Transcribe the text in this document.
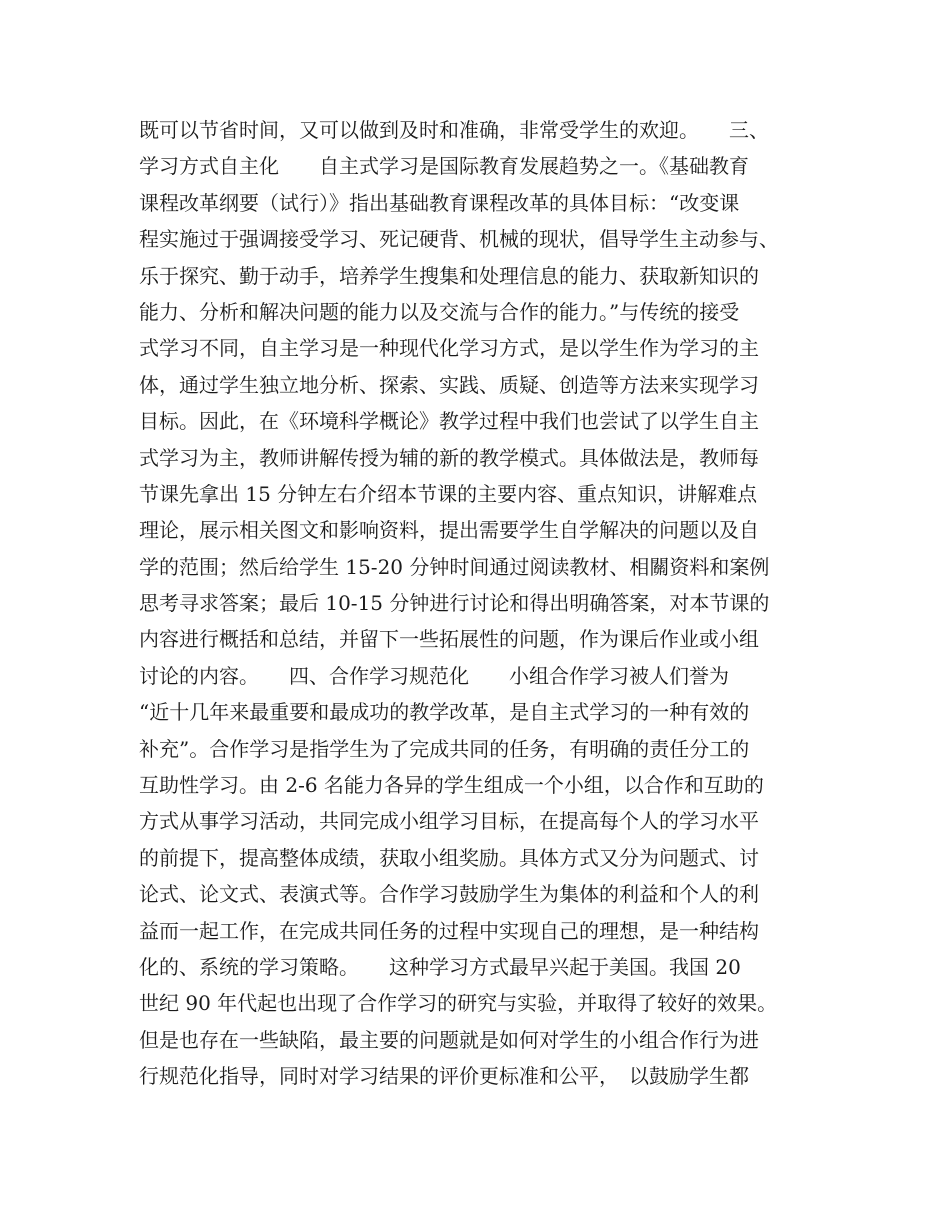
既可以节省时间，又可以做到及时和准确，非常受学生的欢迎。　　三、
学习方式自主化　　自主式学习是国际教育发展趋势之一。《基础教育
课程改革纲要（试行）》指出基础教育课程改革的具体目标：“改变课
程实施过于强调接受学习、死记硬背、机械的现状，倡导学生主动参与、
乐于探究、勤于动手，培养学生搜集和处理信息的能力、获取新知识的
能力、分析和解决问题的能力以及交流与合作的能力。”与传统的接受
式学习不同，自主学习是一种现代化学习方式，是以学生作为学习的主
体，通过学生独立地分析、探索、实践、质疑、创造等方法来实现学习
目标。因此，在《环境科学概论》教学过程中我们也尝试了以学生自主
式学习为主，教师讲解传授为辅的新的教学模式。具体做法是，教师每
节课先拿出 15 分钟左右介绍本节课的主要内容、重点知识，讲解难点
理论，展示相关图文和影响资料，提出需要学生自学解决的问题以及自
学的范围；然后给学生 15-20 分钟时间通过阅读教材、相關资料和案例
思考寻求答案；最后 10-15 分钟进行讨论和得出明确答案，对本节课的
内容进行概括和总结，并留下一些拓展性的问题，作为课后作业或小组
讨论的内容。　　四、合作学习规范化　　小组合作学习被人们誉为
“近十几年来最重要和最成功的教学改革，是自主式学习的一种有效的
补充”。合作学习是指学生为了完成共同的任务，有明确的责任分工的
互助性学习。由 2-6 名能力各异的学生组成一个小组，以合作和互助的
方式从事学习活动，共同完成小组学习目标，在提高每个人的学习水平
的前提下，提高整体成绩，获取小组奖励。具体方式又分为问题式、讨
论式、论文式、表演式等。合作学习鼓励学生为集体的利益和个人的利
益而一起工作，在完成共同任务的过程中实现自己的理想，是一种结构
化的、系统的学习策略。　　这种学习方式最早兴起于美国。我国 20
世纪 90 年代起也出现了合作学习的研究与实验，并取得了较好的效果。
但是也存在一些缺陷，最主要的问题就是如何对学生的小组合作行为进
行规范化指导，同时对学习结果的评价更标准和公平，　以鼓励学生都
